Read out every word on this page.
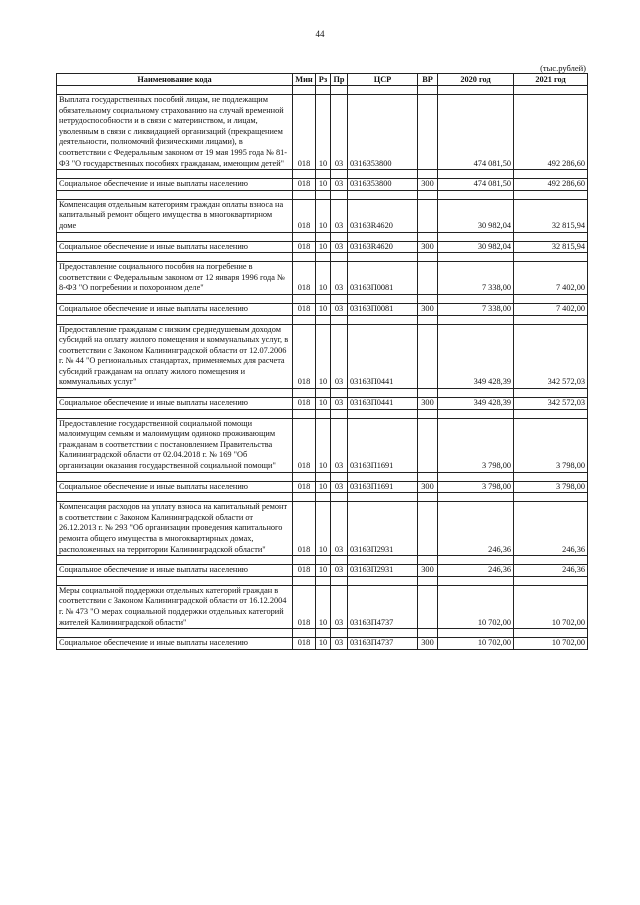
44
(тыс.рублей)
Наименование кода	Мин	Рз	Пр	ЦСР	ВР	2020 год	2021 год

Выплата государственных пособий лицам, не подлежащим обязательному социальному страхованию на случай временной нетрудоспособности и в связи с материнством, и лицам, уволенным в связи с ликвидацией организаций (прекращением деятельности, полномочий физическими лицами), в соответствии с Федеральным законом от 19 мая 1995 года № 81-ФЗ "О государственных пособиях гражданам, имеющим детей"	018	10	03	0316353800		474 081,50	492 286,60

Социальное обеспечение и иные выплаты населению	018	10	03	0316353800	300	474 081,50	492 286,60

Компенсация отдельным категориям граждан оплаты взноса на капитальный ремонт общего имущества в многоквартирном доме	018	10	03	03163R4620		30 982,04	32 815,94

Социальное обеспечение и иные выплаты населению	018	10	03	03163R4620	300	30 982,04	32 815,94

Предоставление социального пособия на погребение в соответствии с Федеральным законом от 12 января 1996 года № 8-ФЗ "О погребении и похоронном деле"	018	10	03	03163П0081		7 338,00	7 402,00

Социальное обеспечение и иные выплаты населению	018	10	03	03163П0081	300	7 338,00	7 402,00

Предоставление гражданам с низким среднедушевым доходом субсидий на оплату жилого помещения и коммунальных услуг, в соответствии с Законом Калининградской области от 12.07.2006 г. № 44 "О региональных стандартах, применяемых для расчета субсидий гражданам на оплату жилого помещения и коммунальных услуг"	018	10	03	03163П0441		349 428,39	342 572,03

Социальное обеспечение и иные выплаты населению	018	10	03	03163П0441	300	349 428,39	342 572,03

Предоставление государственной социальной помощи малоимущим семьям и малоимущим одиноко проживающим гражданам в соответствии с постановлением Правительства Калининградской области от 02.04.2018 г. № 169 "Об организации оказания государственной социальной помощи"	018	10	03	03163П1691		3 798,00	3 798,00

Социальное обеспечение и иные выплаты населению	018	10	03	03163П1691	300	3 798,00	3 798,00

Компенсация расходов на уплату взноса на капитальный ремонт в соответствии с Законом Калининградской области от 26.12.2013 г. № 293 "Об организации проведения капитального ремонта общего имущества в многоквартирных домах, расположенных на территории Калининградской области"	018	10	03	03163П2931		246,36	246,36

Социальное обеспечение и иные выплаты населению	018	10	03	03163П2931	300	246,36	246,36

Меры социальной поддержки отдельных категорий граждан в соответствии с Законом Калининградской области от 16.12.2004 г. № 473 "О мерах социальной поддержки отдельных категорий жителей Калининградской области"	018	10	03	03163П4737		10 702,00	10 702,00

Социальное обеспечение и иные выплаты населению	018	10	03	03163П4737	300	10 702,00	10 702,00
